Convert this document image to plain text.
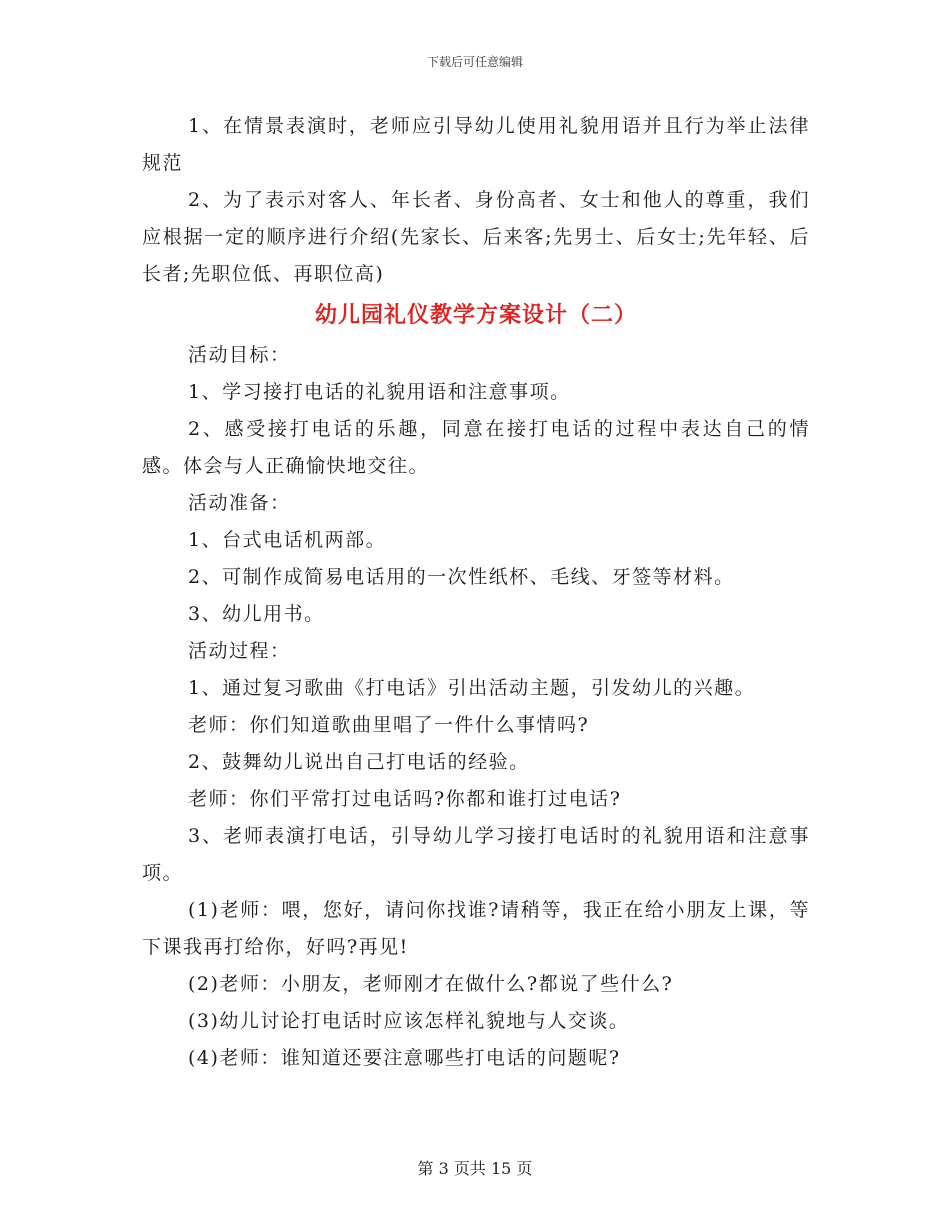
下载后可任意编辑

1、在情景表演时，老师应引导幼儿使用礼貌用语并且行为举止法律规范

2、为了表示对客人、年长者、身份高者、女士和他人的尊重，我们应根据一定的顺序进行介绍(先家长、后来客;先男士、后女士;先年轻、后长者;先职位低、再职位高)

幼儿园礼仪教学方案设计（二）

活动目标：

1、学习接打电话的礼貌用语和注意事项。

2、感受接打电话的乐趣，同意在接打电话的过程中表达自己的情感。体会与人正确愉快地交往。

活动准备：

1、台式电话机两部。

2、可制作成简易电话用的一次性纸杯、毛线、牙签等材料。

3、幼儿用书。

活动过程：

1、通过复习歌曲《打电话》引出活动主题，引发幼儿的兴趣。

老师：你们知道歌曲里唱了一件什么事情吗?

2、鼓舞幼儿说出自己打电话的经验。

老师：你们平常打过电话吗?你都和谁打过电话?

3、老师表演打电话，引导幼儿学习接打电话时的礼貌用语和注意事项。

(1)老师：喂，您好，请问你找谁?请稍等，我正在给小朋友上课，等下课我再打给你，好吗?再见!

(2)老师：小朋友，老师刚才在做什么?都说了些什么?

(3)幼儿讨论打电话时应该怎样礼貌地与人交谈。

(4)老师：谁知道还要注意哪些打电话的问题呢?

第 3 页共 15 页
